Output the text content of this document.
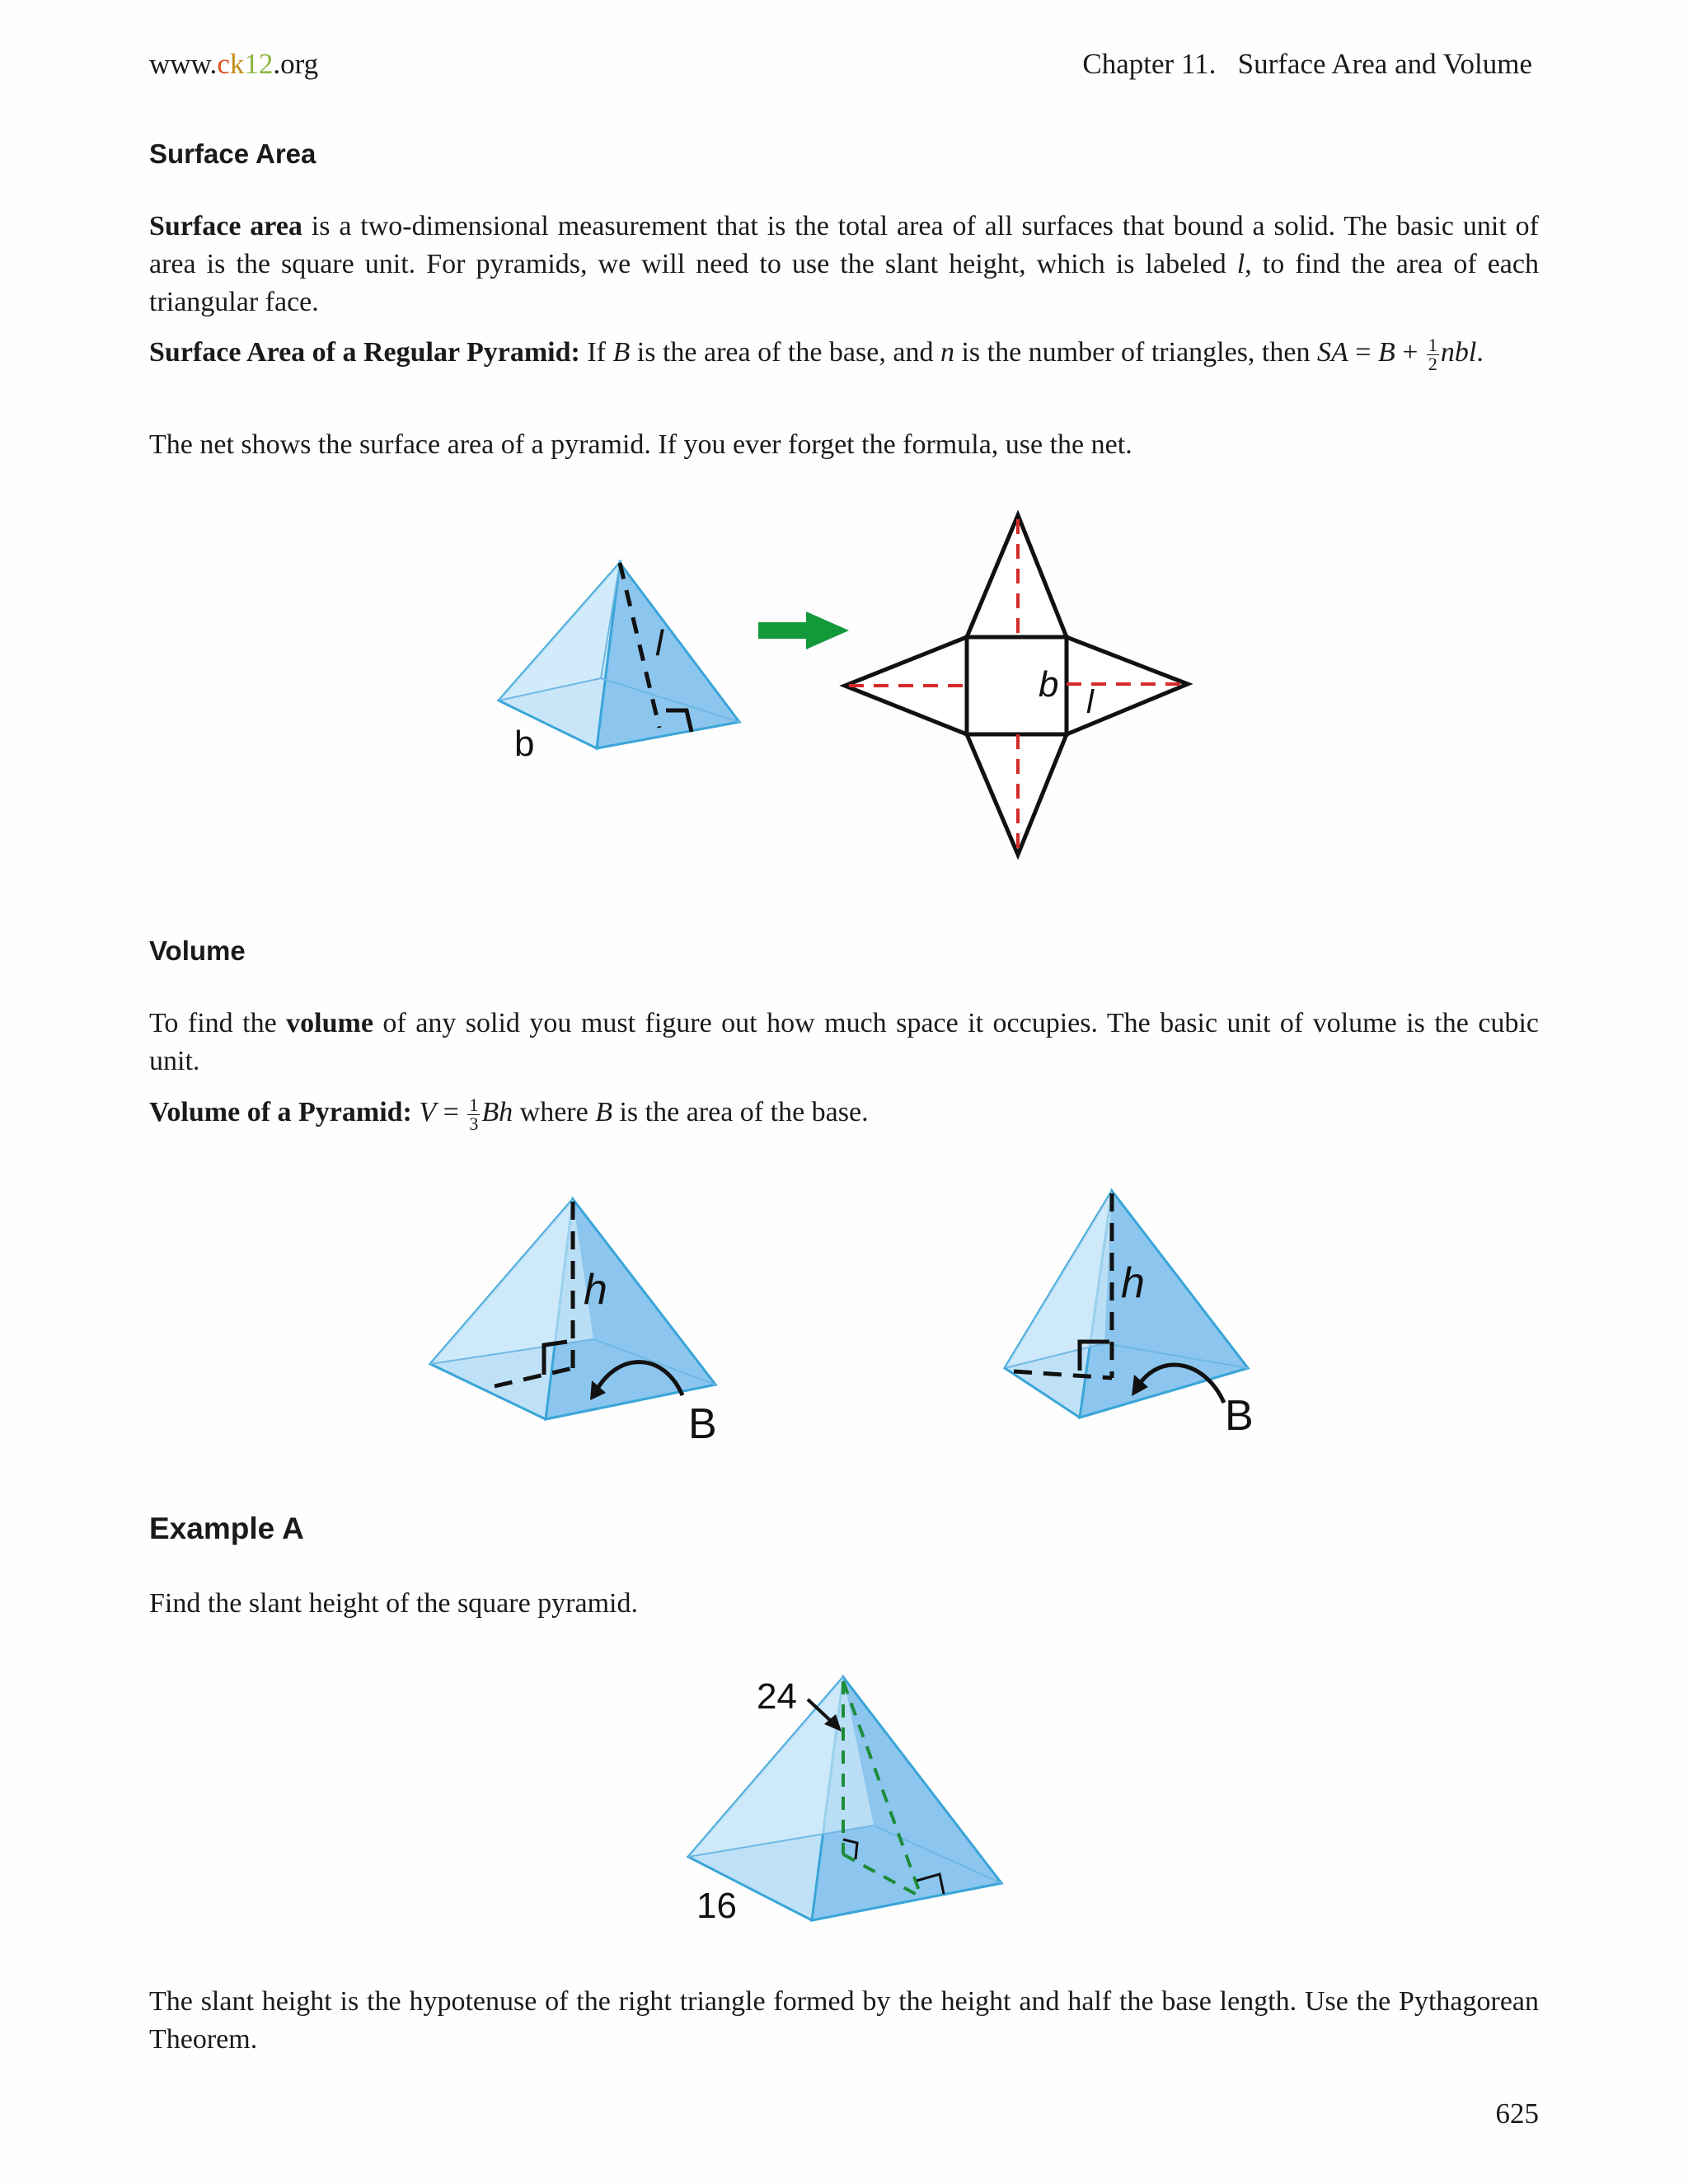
www.ck12.org	Chapter 11. Surface Area and Volume
Surface Area
Surface area is a two-dimensional measurement that is the total area of all surfaces that bound a solid. The basic unit of area is the square unit. For pyramids, we will need to use the slant height, which is labeled l, to find the area of each triangular face.
Surface Area of a Regular Pyramid: If B is the area of the base, and n is the number of triangles, then SA = $B + \frac{1}{2}$ nbl.
The net shows the surface area of a pyramid. If you ever forget the formula, use the net.
b
l
b l
Volume
To find the volume of any solid you must figure out how much space it occupies. The basic unit of volume is the cubic unit.
Volume of a Pyramid: $V = \frac{1}{3}$ Bh where B is the area of the base.
h
B
h
B
Example A
Find the slant height of the square pyramid.
24
16
The slant height is the hypotenuse of the right triangle formed by the height and half the base length. Use the Pythagorean Theorem.
625
